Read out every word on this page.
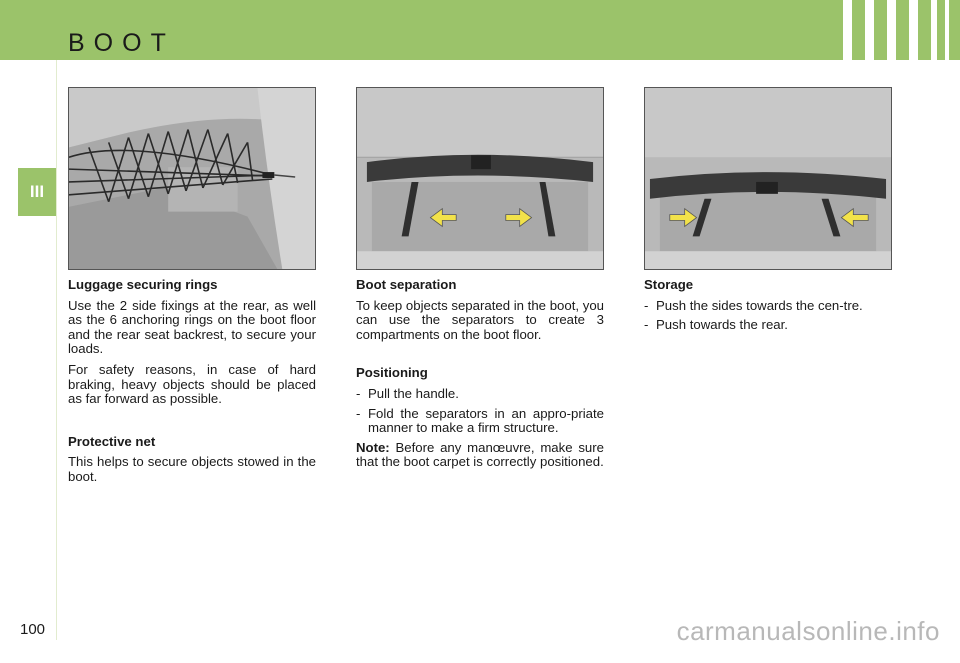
BOOT
III
Luggage securing rings

Use the 2 side fixings at the rear, as well as the 6 anchoring rings on the boot floor and the rear seat backrest, to secure your loads.

For safety reasons, in case of hard braking, heavy objects should be placed as far forward as possible.

Protective net

This helps to secure objects stowed in the boot.

Boot separation

To keep objects separated in the boot, you can use the separators to create 3 compartments on the boot floor.

Positioning
- Pull the handle.
- Fold the separators in an appro-priate manner to make a firm structure.

Note: Before any manœuvre, make sure that the boot carpet is correctly positioned.

Storage
- Push the sides towards the cen-tre.
- Push towards the rear.
100	carmanualsonline.info
